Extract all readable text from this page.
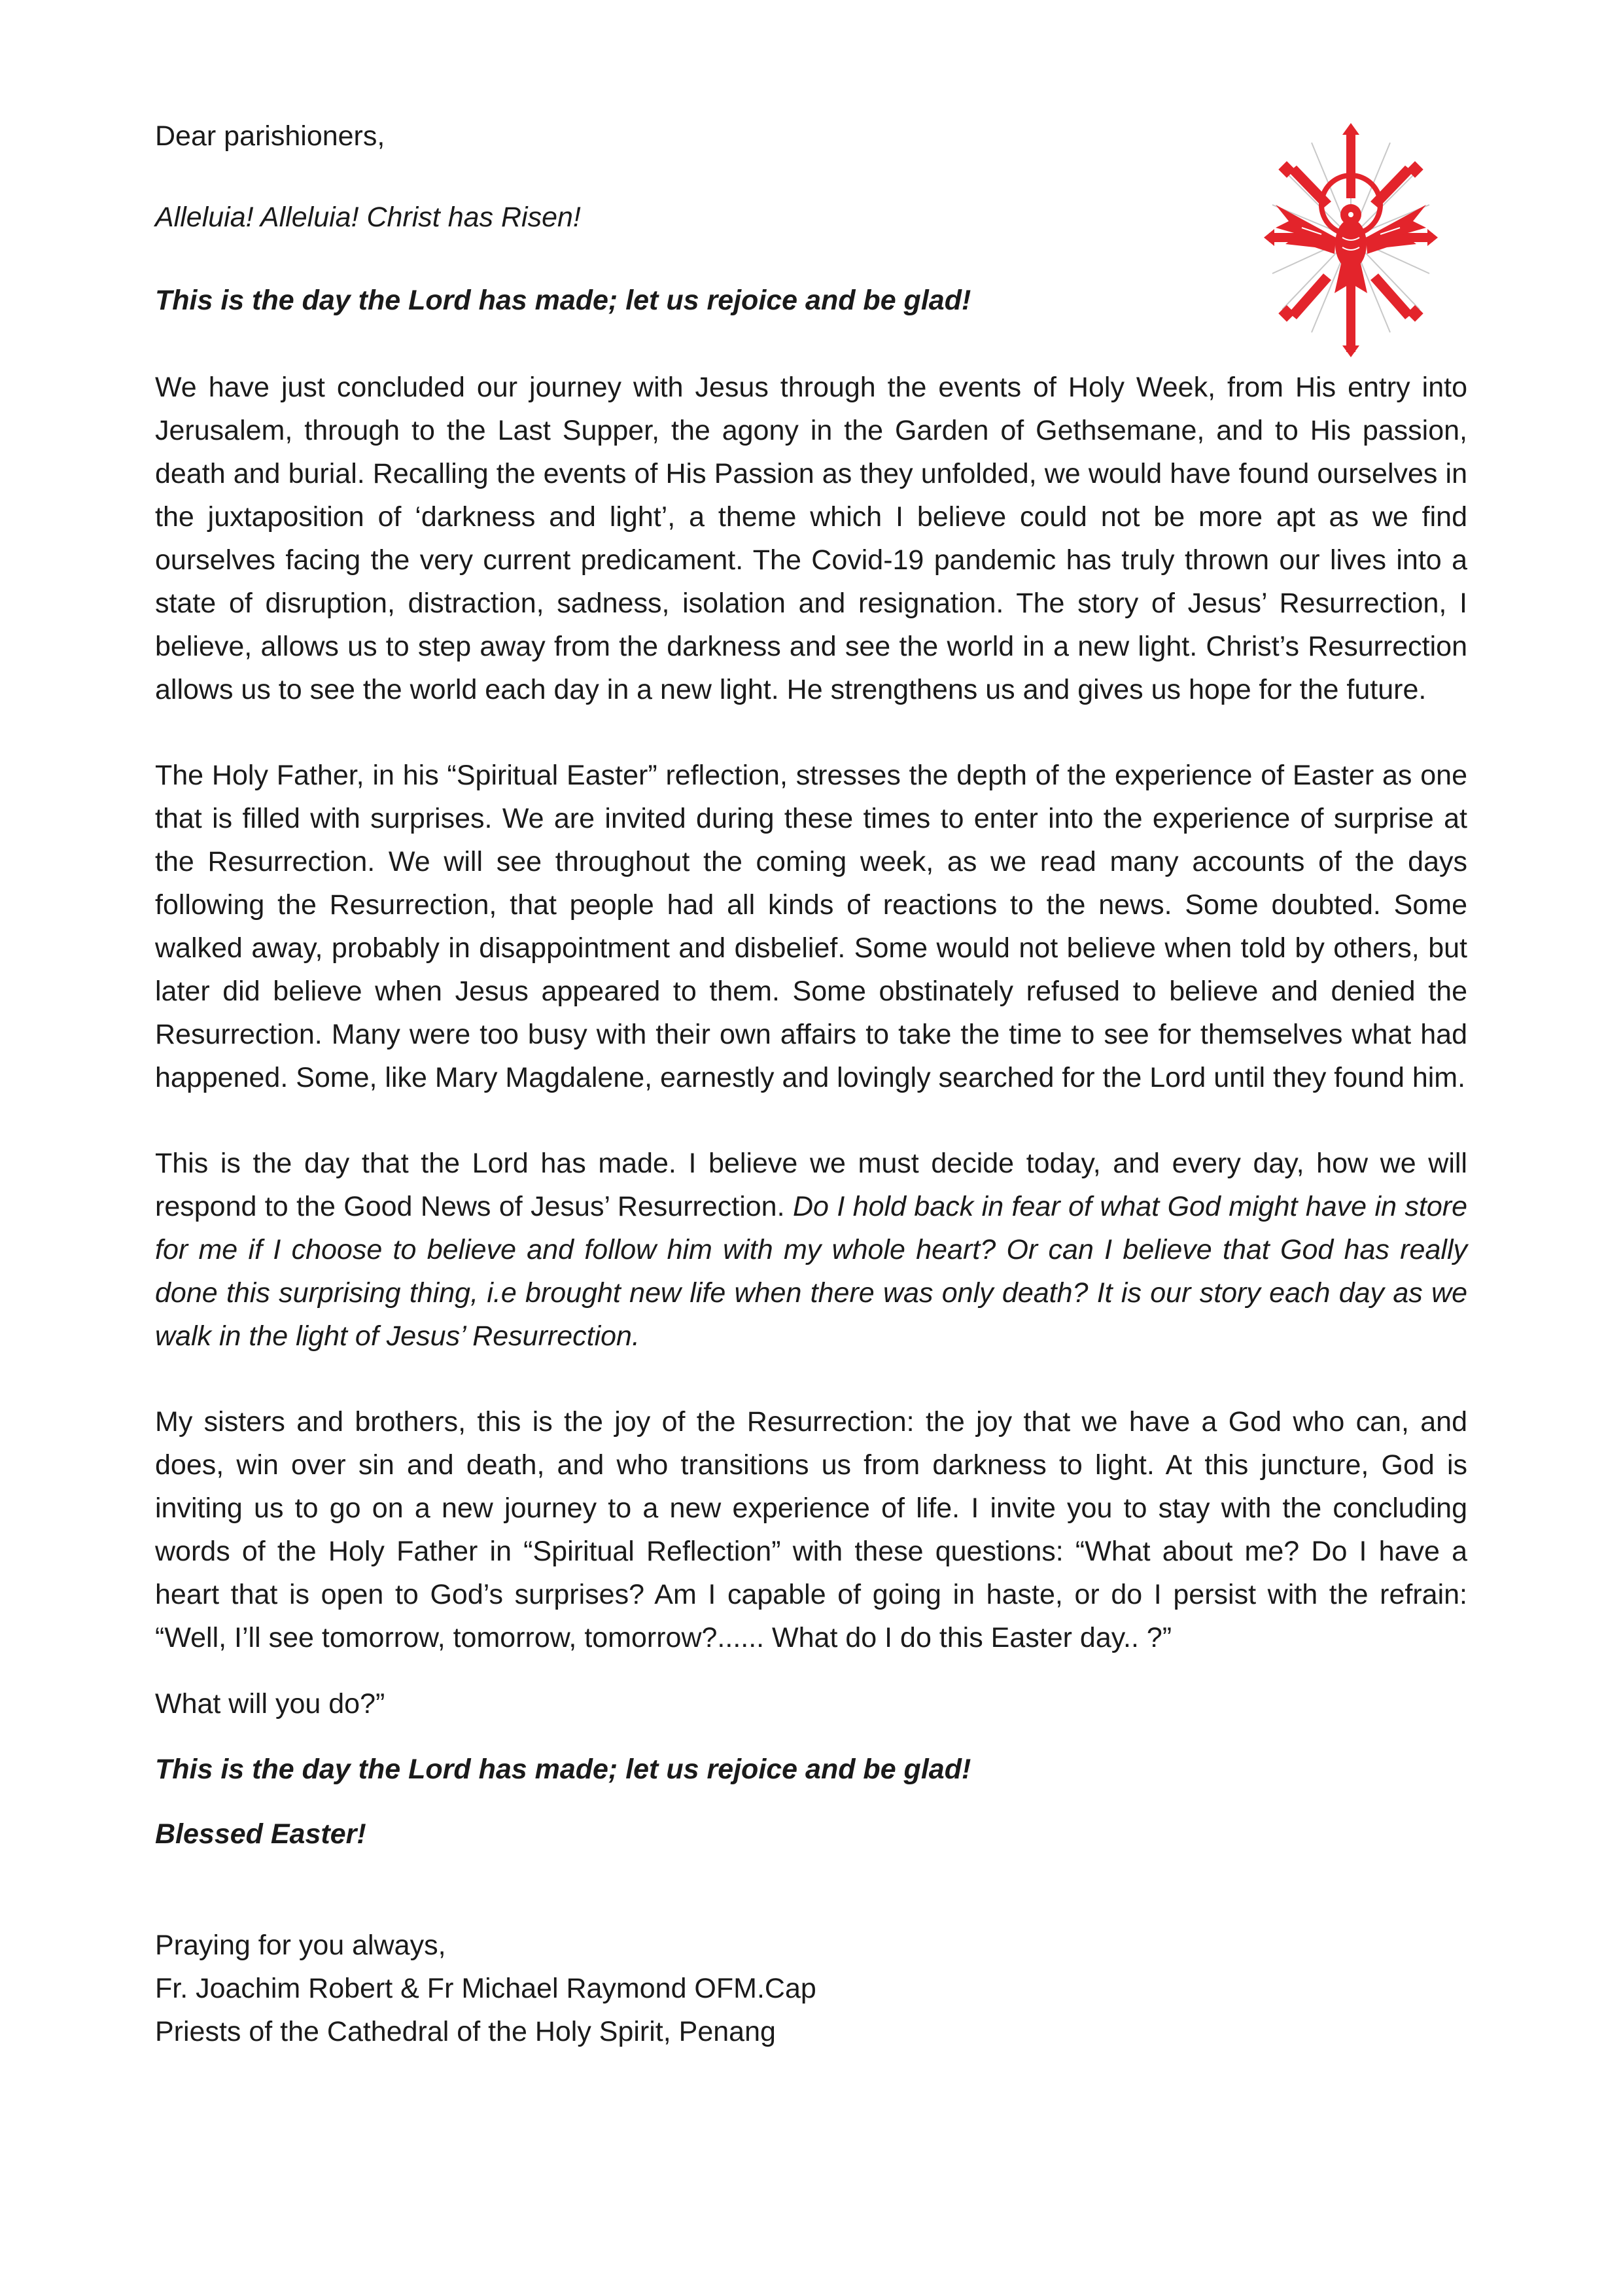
Dear parishioners,

Alleluia! Alleluia! Christ has Risen!

This is the day the Lord has made; let us rejoice and be glad!

We have just concluded our journey with Jesus through the events of Holy Week, from His entry into Jerusalem, through to the Last Supper, the agony in the Garden of Gethsemane, and to His passion, death and burial. Recalling the events of His Passion as they unfolded, we would have found ourselves in the juxtaposition of ‘darkness and light’, a theme which I believe could not be more apt as we find ourselves facing the very current predicament. The Covid-19 pandemic has truly thrown our lives into a state of disruption, distraction, sadness, isolation and resignation. The story of Jesus’ Resurrection, I believe, allows us to step away from the darkness and see the world in a new light. Christ’s Resurrection allows us to see the world each day in a new light. He strengthens us and gives us hope for the future.

The Holy Father, in his “Spiritual Easter” reflection, stresses the depth of the experience of Easter as one that is filled with surprises. We are invited during these times to enter into the experience of surprise at the Resurrection. We will see throughout the coming week, as we read many accounts of the days following the Resurrection, that people had all kinds of reactions to the news. Some doubted. Some walked away, probably in disappointment and disbelief. Some would not believe when told by others, but later did believe when Jesus appeared to them. Some obstinately refused to believe and denied the Resurrection. Many were too busy with their own affairs to take the time to see for themselves what had happened. Some, like Mary Magdalene, earnestly and lovingly searched for the Lord until they found him.

This is the day that the Lord has made. I believe we must decide today, and every day, how we will respond to the Good News of Jesus’ Resurrection. Do I hold back in fear of what God might have in store for me if I choose to believe and follow him with my whole heart? Or can I believe that God has really done this surprising thing, i.e brought new life when there was only death? It is our story each day as we walk in the light of Jesus’ Resurrection.

My sisters and brothers, this is the joy of the Resurrection: the joy that we have a God who can, and does, win over sin and death, and who transitions us from darkness to light. At this juncture, God is inviting us to go on a new journey to a new experience of life. I invite you to stay with the concluding words of the Holy Father in “Spiritual Reflection” with these questions: “What about me? Do I have a heart that is open to God’s surprises? Am I capable of going in haste, or do I persist with the refrain: “Well, I’ll see tomorrow, tomorrow, tomorrow?...... What do I do this Easter day.. ?”

What will you do?”

This is the day the Lord has made; let us rejoice and be glad!

Blessed Easter!

Praying for you always,

Fr. Joachim Robert & Fr Michael Raymond OFM.Cap

Priests of the Cathedral of the Holy Spirit, Penang
